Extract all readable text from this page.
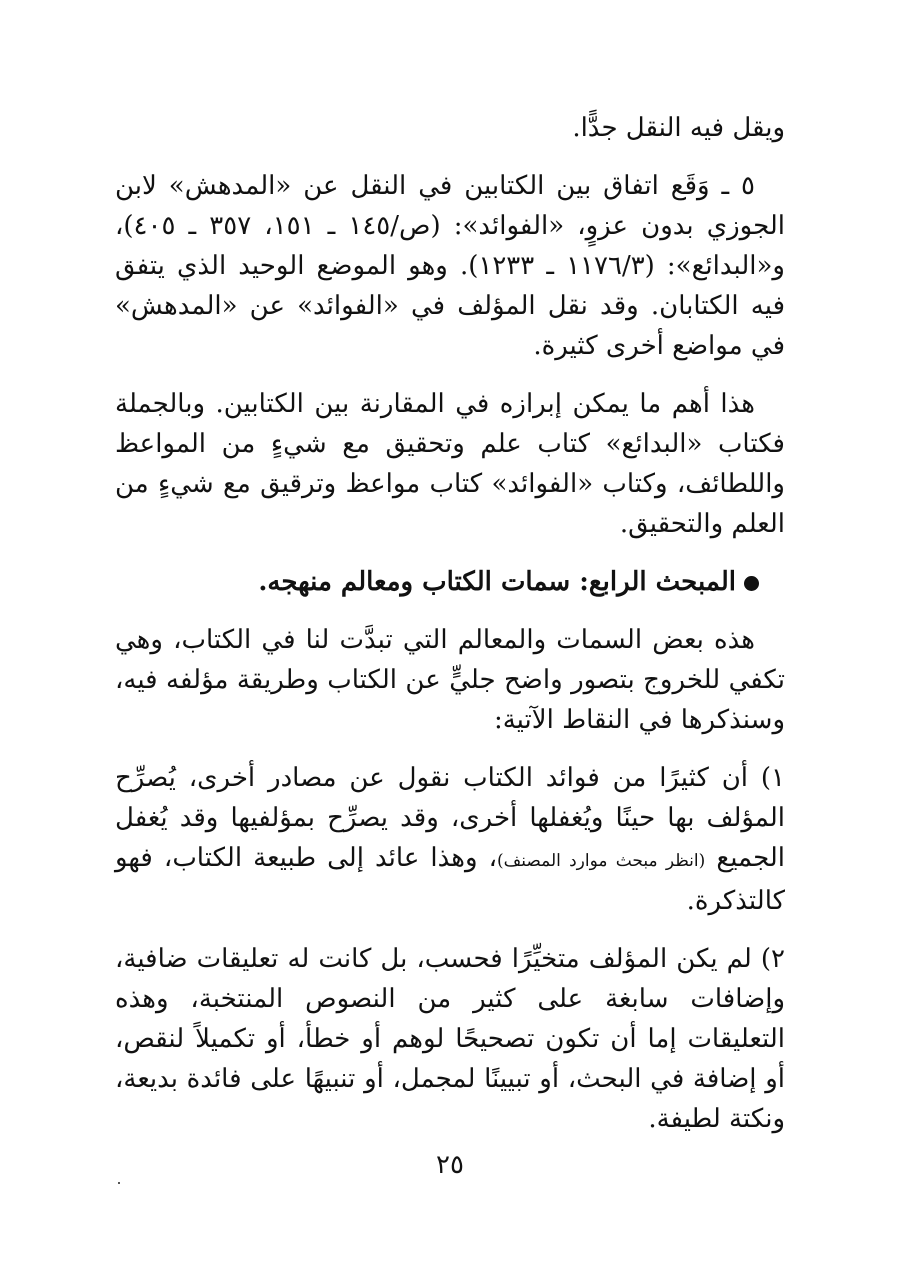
ويقل فيه النقل جدًّا.

٥ ـ وَقَع اتفاق بين الكتابين في النقل عن «المدهش» لابن الجوزي بدون عزوٍ، «الفوائد»: (ص/١٤٥ ـ ١٥١، ٣٥٧ ـ ٤٠٥)، و«البدائع»: (١١٧٦/٣ ـ ١٢٣٣). وهو الموضع الوحيد الذي يتفق فيه الكتابان. وقد نقل المؤلف في «الفوائد» عن «المدهش» في مواضع أخرى كثيرة.

هذا أهم ما يمكن إبرازه في المقارنة بين الكتابين. وبالجملة فكتاب «البدائع» كتاب علم وتحقيق مع شيءٍ من المواعظ واللطائف، وكتاب «الفوائد» كتاب مواعظ وترقيق مع شيءٍ من العلم والتحقيق.

المبحث الرابع: سمات الكتاب ومعالم منهجه.

هذه بعض السمات والمعالم التي تبدَّت لنا في الكتاب، وهي تكفي للخروج بتصور واضح جليٍّ عن الكتاب وطريقة مؤلفه فيه، وسنذكرها في النقاط الآتية:

١) أن كثيرًا من فوائد الكتاب نقول عن مصادر أخرى، يُصرِّح المؤلف بها حينًا ويُغفلها أخرى، وقد يصرِّح بمؤلفيها وقد يُغفل الجميع (انظر مبحث موارد المصنف)، وهذا عائد إلى طبيعة الكتاب، فهو كالتذكرة.

٢) لم يكن المؤلف متخيِّرًا فحسب، بل كانت له تعليقات ضافية، وإضافات سابغة على كثير من النصوص المنتخبة، وهذه التعليقات إما أن تكون تصحيحًا لوهم أو خطأ، أو تكميلاً لنقص، أو إضافة في البحث، أو تبيينًا لمجمل، أو تنبيهًا على فائدة بديعة، ونكتة لطيفة.

٢٥
